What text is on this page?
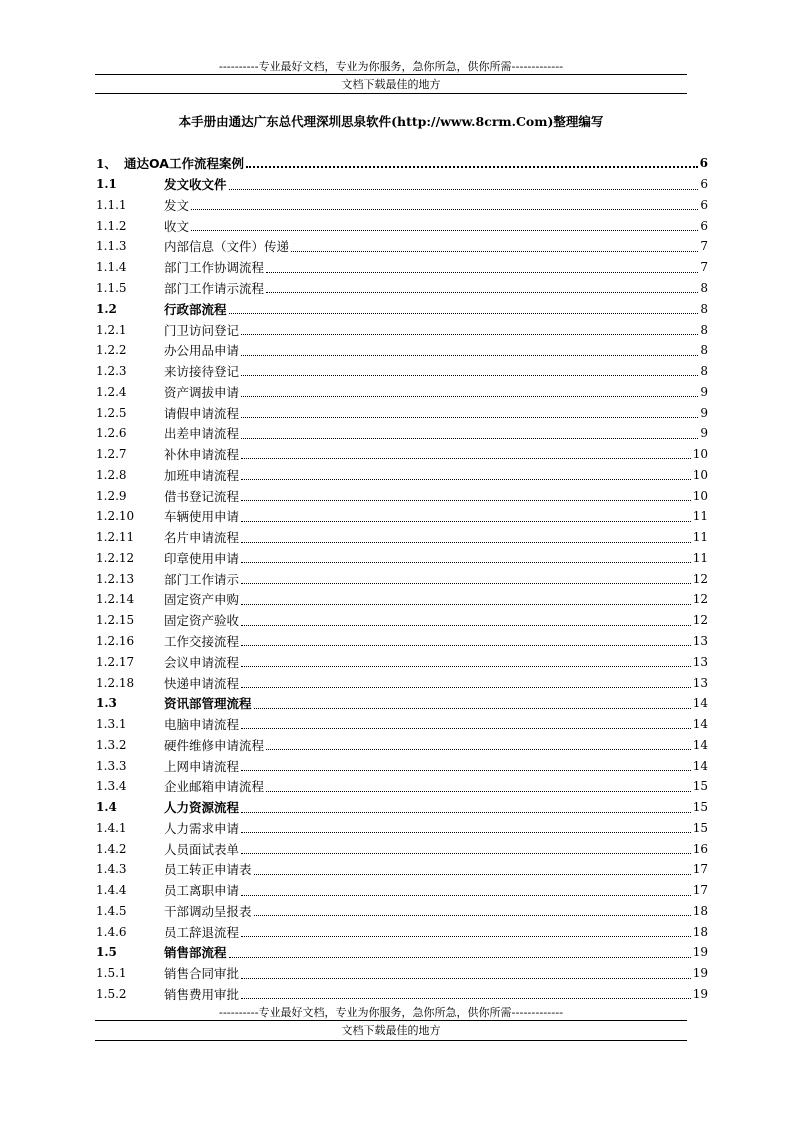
----------专业最好文档，专业为你服务，急你所急，供你所需-------------
文档下载最佳的地方
本手册由通达广东总代理深圳思泉软件(http://www.8crm.Com)整理编写
1、 通达OA工作流程案例	6
1.1	发文收文件	6
1.1.1	发文	6
1.1.2	收文	6
1.1.3	内部信息（文件）传递	7
1.1.4	部门工作协调流程	7
1.1.5	部门工作请示流程	8
1.2	行政部流程	8
1.2.1	门卫访问登记	8
1.2.2	办公用品申请	8
1.2.3	来访接待登记	8
1.2.4	资产调拔申请	9
1.2.5	请假申请流程	9
1.2.6	出差申请流程	9
1.2.7	补休申请流程	10
1.2.8	加班申请流程	10
1.2.9	借书登记流程	10
1.2.10	车辆使用申请	11
1.2.11	名片申请流程	11
1.2.12	印章使用申请	11
1.2.13	部门工作请示	12
1.2.14	固定资产申购	12
1.2.15	固定资产验收	12
1.2.16	工作交接流程	13
1.2.17	会议申请流程	13
1.2.18	快递申请流程	13
1.3	资讯部管理流程	14
1.3.1	电脑申请流程	14
1.3.2	硬件维修申请流程	14
1.3.3	上网申请流程	14
1.3.4	企业邮箱申请流程	15
1.4	人力资源流程	15
1.4.1	人力需求申请	15
1.4.2	人员面试表单	16
1.4.3	员工转正申请表	17
1.4.4	员工离职申请	17
1.4.5	干部调动呈报表	18
1.4.6	员工辞退流程	18
1.5	销售部流程	19
1.5.1	销售合同审批	19
1.5.2	销售费用审批	19
----------专业最好文档，专业为你服务，急你所急，供你所需-------------
文档下载最佳的地方
